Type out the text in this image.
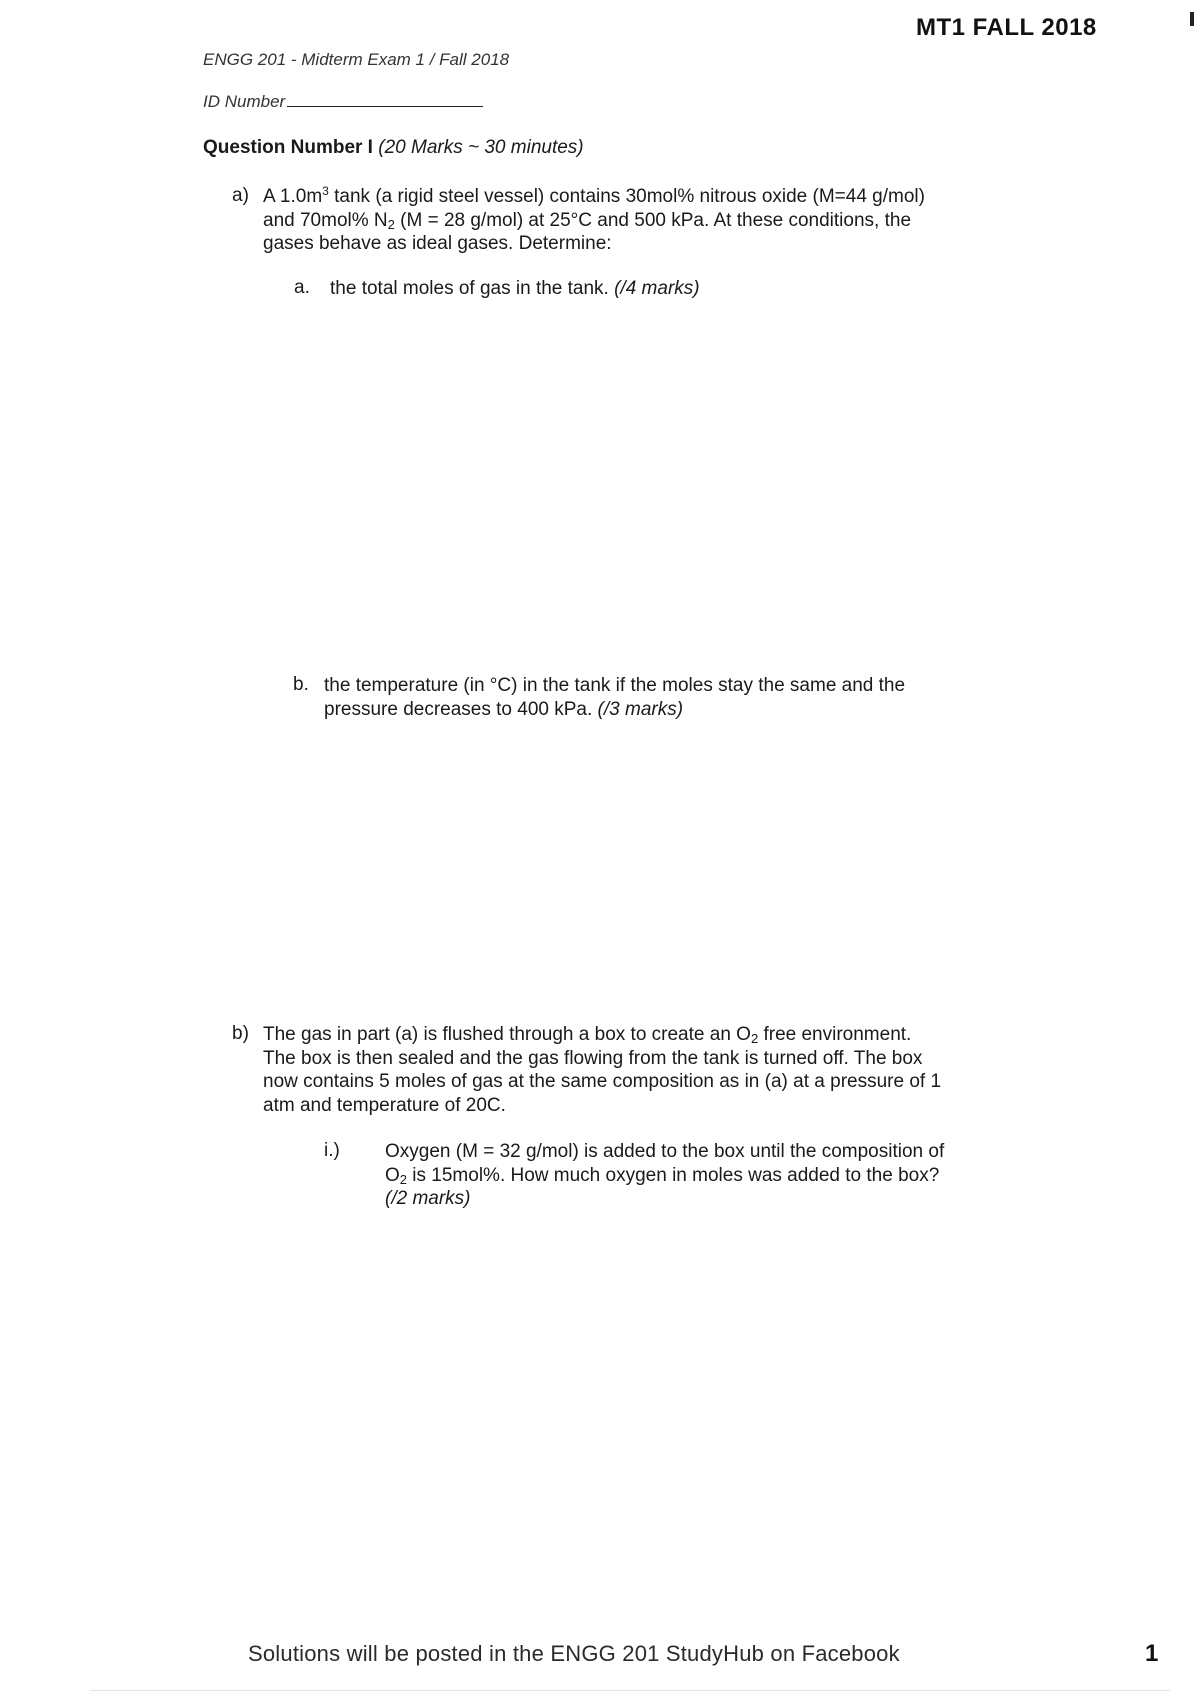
MT1 FALL 2018
ENGG 201 - Midterm Exam 1 / Fall 2018
ID Number
Question Number I (20 Marks ~ 30 minutes)
a) A $1.0m^3$ tank (a rigid steel vessel) contains 30mol% nitrous oxide (M=44 g/mol)
and 70mol% $N_2$ (M = 28 g/mol) at 25°C and 500 kPa. At these conditions, the
gases behave as ideal gases. Determine:
a. the total moles of gas in the tank. (/4 marks)
b. the temperature (in °C) in the tank if the moles stay the same and the
pressure decreases to 400 kPa. (/3 marks)
b) The gas in part (a) is flushed through a box to create an $O_2$ free environment.
The box is then sealed and the gas flowing from the tank is turned off. The box
now contains 5 moles of gas at the same composition as in (a) at a pressure of 1
atm and temperature of 20C.
i.) Oxygen (M = 32 g/mol) is added to the box until the composition of
$O_2$ is 15mol%. How much oxygen in moles was added to the box?
(/2 marks)
Solutions will be posted in the ENGG 201 StudyHub on Facebook	1
